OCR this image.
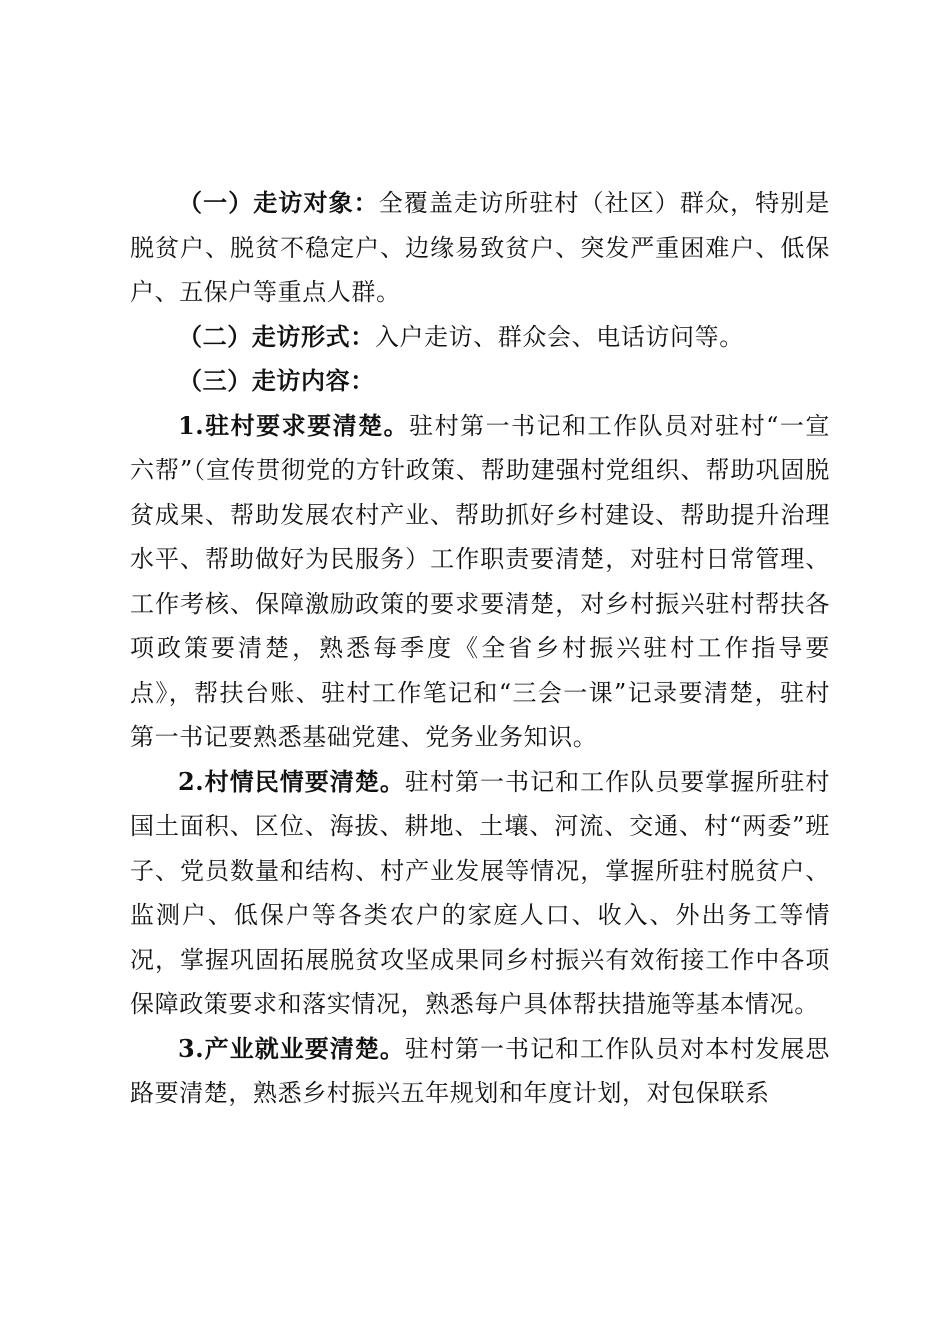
（一）走访对象：全覆盖走访所驻村（社区）群众，特别是脱贫户、脱贫不稳定户、边缘易致贫户、突发严重困难户、低保户、五保户等重点人群。

（二）走访形式：入户走访、群众会、电话访问等。

（三）走访内容：

1.驻村要求要清楚。驻村第一书记和工作队员对驻村“一宣六帮”（宣传贯彻党的方针政策、帮助建强村党组织、帮助巩固脱贫成果、帮助发展农村产业、帮助抓好乡村建设、帮助提升治理水平、帮助做好为民服务）工作职责要清楚，对驻村日常管理、工作考核、保障激励政策的要求要清楚，对乡村振兴驻村帮扶各项政策要清楚，熟悉每季度《全省乡村振兴驻村工作指导要点》，帮扶台账、驻村工作笔记和“三会一课”记录要清楚，驻村第一书记要熟悉基础党建、党务业务知识。

2.村情民情要清楚。驻村第一书记和工作队员要掌握所驻村国土面积、区位、海拔、耕地、土壤、河流、交通、村“两委”班子、党员数量和结构、村产业发展等情况，掌握所驻村脱贫户、监测户、低保户等各类农户的家庭人口、收入、外出务工等情况，掌握巩固拓展脱贫攻坚成果同乡村振兴有效衔接工作中各项保障政策要求和落实情况，熟悉每户具体帮扶措施等基本情况。

3.产业就业要清楚。驻村第一书记和工作队员对本村发展思路要清楚，熟悉乡村振兴五年规划和年度计划，对包保联系
